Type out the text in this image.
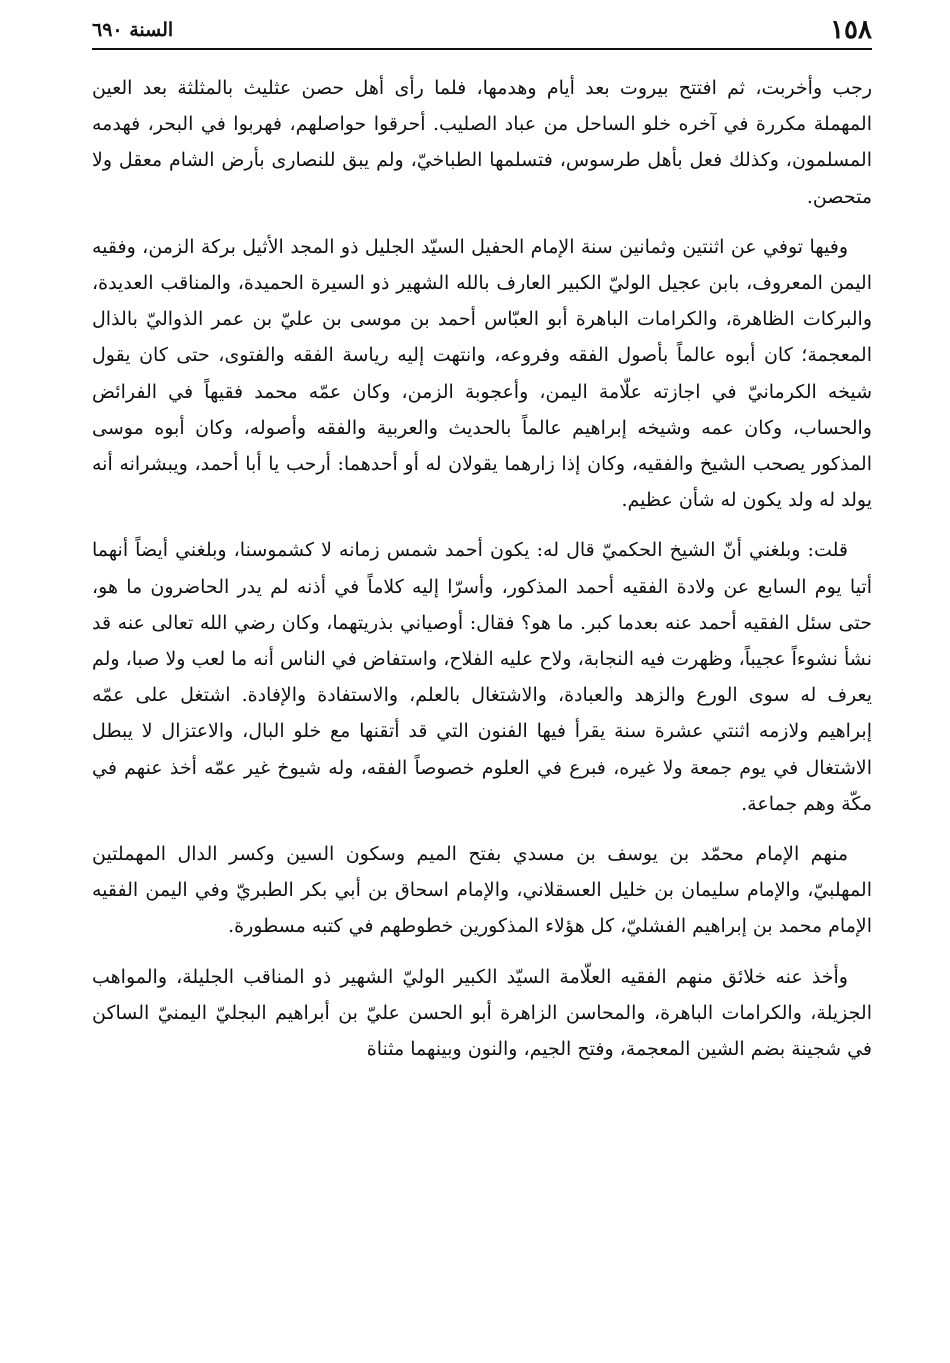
١٥٨
السنة ٦٩٠

رجب وأخربت، ثم افتتح بيروت بعد أيام وهدمها، فلما رأى أهل حصن عثليث بالمثلثة بعد العين المهملة مكررة في آخره خلو الساحل من عباد الصليب. أحرقوا حواصلهم، فهربوا في البحر، فهدمه المسلمون، وكذلك فعل بأهل طرسوس، فتسلمها الطباخيّ، ولم يبق للنصارى بأرض الشام معقل ولا متحصن.

وفيها توفي عن اثنتين وثمانين سنة الإمام الحفيل السيّد الجليل ذو المجد الأثيل بركة الزمن، وفقيه اليمن المعروف، بابن عجيل الوليّ الكبير العارف بالله الشهير ذو السيرة الحميدة، والمناقب العديدة، والبركات الظاهرة، والكرامات الباهرة أبو العبّاس أحمد بن موسى بن عليّ بن عمر الذواليّ بالذال المعجمة؛ كان أبوه عالماً بأصول الفقه وفروعه، وانتهت إليه رياسة الفقه والفتوى، حتى كان يقول شيخه الكرمانيّ في اجازته علّامة اليمن، وأعجوبة الزمن، وكان عمّه محمد فقيهاً في الفرائض والحساب، وكان عمه وشيخه إبراهيم عالماً بالحديث والعربية والفقه وأصوله، وكان أبوه موسى المذكور يصحب الشيخ والفقيه، وكان إذا زارهما يقولان له أو أحدهما: أرحب يا أبا أحمد، ويبشرانه أنه يولد له ولد يكون له شأن عظيم.

قلت: وبلغني أنّ الشيخ الحكميّ قال له: يكون أحمد شمس زمانه لا كشموسنا، وبلغني أيضاً أنهما أتيا يوم السابع عن ولادة الفقيه أحمد المذكور، وأسرّا إليه كلاماً في أذنه لم يدر الحاضرون ما هو، حتى سئل الفقيه أحمد عنه بعدما كبر. ما هو؟ فقال: أوصياني بذريتهما، وكان رضي الله تعالى عنه قد نشأ نشوءاً عجيباً، وظهرت فيه النجابة، ولاح عليه الفلاح، واستفاض في الناس أنه ما لعب ولا صبا، ولم يعرف له سوى الورع والزهد والعبادة، والاشتغال بالعلم، والاستفادة والإفادة. اشتغل على عمّه إبراهيم ولازمه اثنتي عشرة سنة يقرأ فيها الفنون التي قد أتقنها مع خلو البال، والاعتزال لا يبطل الاشتغال في يوم جمعة ولا غيره، فبرع في العلوم خصوصاً الفقه، وله شيوخ غير عمّه أخذ عنهم في مكّة وهم جماعة.

منهم الإمام محمّد بن يوسف بن مسدي بفتح الميم وسكون السين وكسر الدال المهملتين المهلبيّ، والإمام سليمان بن خليل العسقلاني، والإمام اسحاق بن أبي بكر الطبريّ وفي اليمن الفقيه الإمام محمد بن إبراهيم الفشليّ، كل هؤلاء المذكورين خطوطهم في كتبه مسطورة.

وأخذ عنه خلائق منهم الفقيه العلّامة السيّد الكبير الوليّ الشهير ذو المناقب الجليلة، والمواهب الجزيلة، والكرامات الباهرة، والمحاسن الزاهرة أبو الحسن عليّ بن أبراهيم البجليّ اليمنيّ الساكن في شجينة بضم الشين المعجمة، وفتح الجيم، والنون وبينهما مثناة
